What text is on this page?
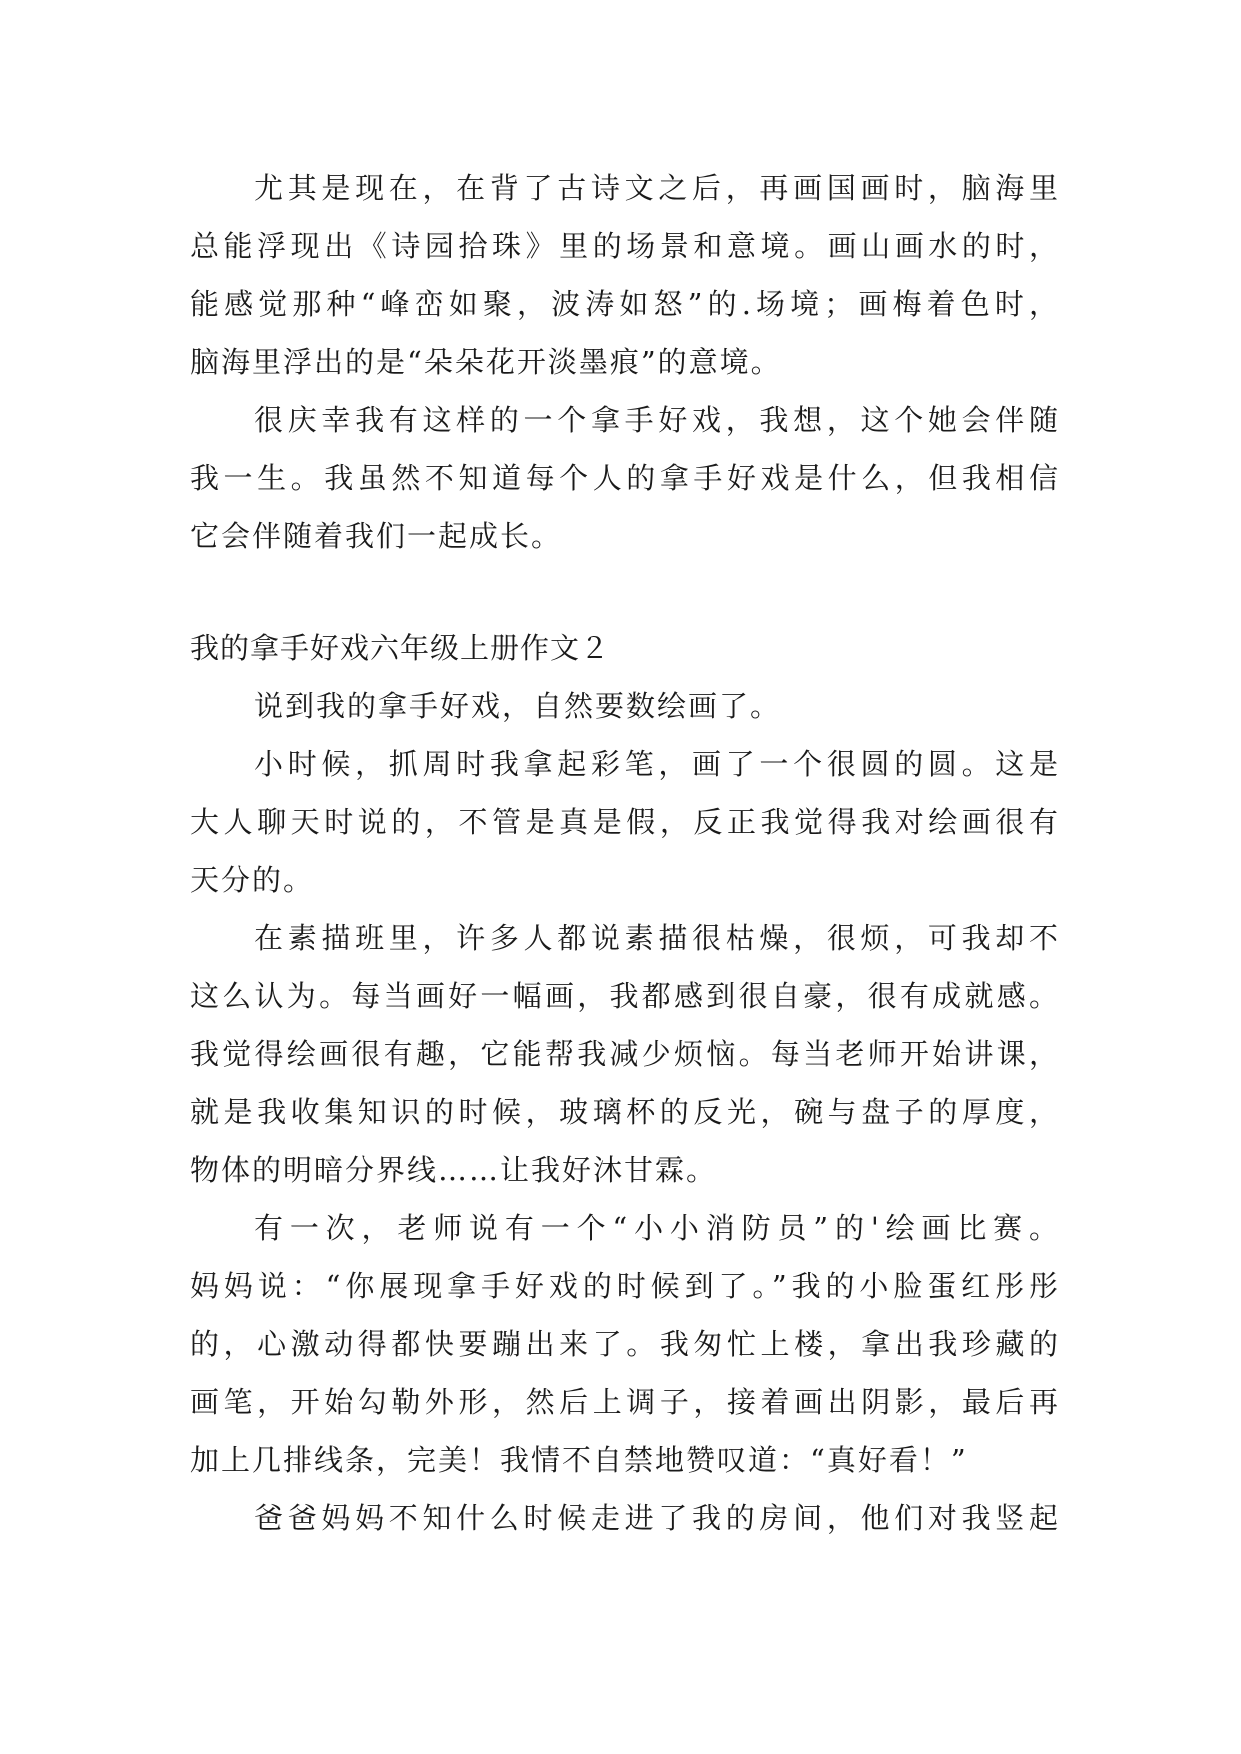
尤其是现在，在背了古诗文之后，再画国画时，脑海里
总能浮现出《诗园拾珠》里的场景和意境。画山画水的时，
能感觉那种“峰峦如聚，波涛如怒”的.场境；画梅着色时，
脑海里浮出的是“朵朵花开淡墨痕”的意境。
很庆幸我有这样的一个拿手好戏，我想，这个她会伴随
我一生。我虽然不知道每个人的拿手好戏是什么，但我相信
它会伴随着我们一起成长。
我的拿手好戏六年级上册作文２
说到我的拿手好戏，自然要数绘画了。
小时候，抓周时我拿起彩笔，画了一个很圆的圆。这是
大人聊天时说的，不管是真是假，反正我觉得我对绘画很有
天分的。
在素描班里，许多人都说素描很枯燥，很烦，可我却不
这么认为。每当画好一幅画，我都感到很自豪，很有成就感。
我觉得绘画很有趣，它能帮我减少烦恼。每当老师开始讲课，
就是我收集知识的时候，玻璃杯的反光，碗与盘子的厚度，
物体的明暗分界线……让我好沐甘霖。
有一次，老师说有一个“小小消防员”的'绘画比赛。
妈妈说：“你展现拿手好戏的时候到了。”我的小脸蛋红彤彤
的，心激动得都快要蹦出来了。我匆忙上楼，拿出我珍藏的
画笔，开始勾勒外形，然后上调子，接着画出阴影，最后再
加上几排线条，完美！我情不自禁地赞叹道：“真好看！”
爸爸妈妈不知什么时候走进了我的房间，他们对我竖起
